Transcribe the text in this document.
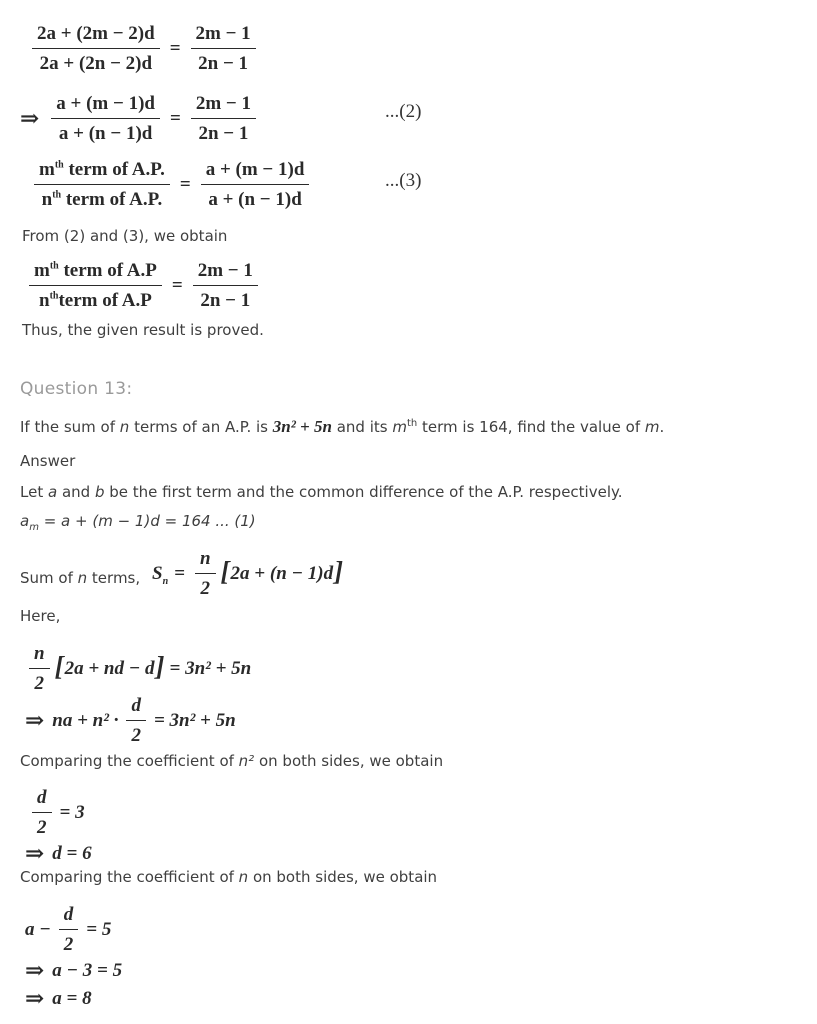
$\frac{2a + (2m - 2)d}{2a + (2n - 2)d} = \frac{2m - 1}{2n - 1}$
⇒ $\frac{a + (m - 1)d}{a + (n - 1)d} = \frac{2m - 1}{2n - 1}$	...(2)
$\frac{m^{th} term of A.P.}{n^{th} term of A.P.} = \frac{a + (m - 1)d}{a + (n - 1)d}$	...(3)
From (2) and (3), we obtain
$\frac{m^{th} term of A.P}{n^{th}term of A.P} = \frac{2m - 1}{2n - 1}$
Thus, the given result is proved.
Question 13:
If the sum of n terms of an A.P. is 3n² + 5n and its $m^{th}$ term is 164, find the value of m.
Answer
Let a and b be the first term and the common difference of the A.P. respectively.
$a_m = a + (m - 1)d = 164$ ... (1)
Sum of n terms, $S_n = \frac{n}{2}$ [ 2a + (n − 1)d ]
Here,
$\frac{n}{2}$ [ 2a + nd − d ] = 3n² + 5n
⇒ na + $n^2 \cdot \frac{d}{2} = 3n^2 + 5n$
Comparing the coefficient of n² on both sides, we obtain
$\frac{d}{2} = 3$
⇒ d = 6
Comparing the coefficient of n on both sides, we obtain
$a - \frac{d}{2} = 5$
⇒ a − 3 = 5
⇒ a = 8
